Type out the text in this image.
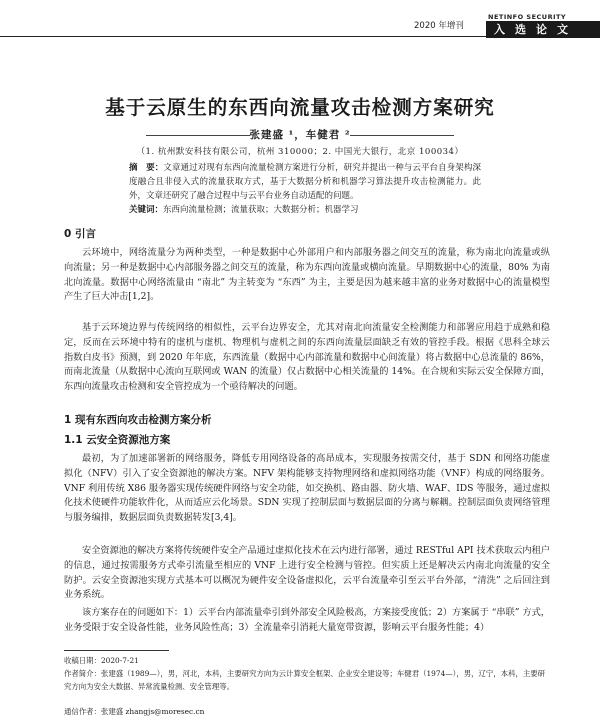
2020 年增刊
NETINFO SECURITY
入选论文
基于云原生的东西向流量攻击检测方案研究
张建盛 ¹，车健君 ²
（1. 杭州默安科技有限公司，杭州 310000；2. 中国光大银行，北京 100034）
摘　要：文章通过对现有东西向流量检测方案进行分析，研究并提出一种与云平台自身架构深度融合且非侵入式的流量获取方式，基于大数据分析和机器学习算法提升攻击检测能力。此外，文章还研究了融合过程中与云平台业务自动适配的问题。
关键词：东西向流量检测；流量获取；大数据分析；机器学习
0 引言
云环境中，网络流量分为两种类型，一种是数据中心外部用户和内部服务器之间交互的流量，称为南北向流量或纵向流量；另一种是数据中心内部服务器之间交互的流量，称为东西向流量或横向流量。早期数据中心的流量，80% 为南北向流量。数据中心网络流量由 “南北” 为主转变为 “东西” 为主，主要是因为越来越丰富的业务对数据中心的流量模型产生了巨大冲击[1,2]。
基于云环境边界与传统网络的相似性，云平台边界安全，尤其对南北向流量安全检测能力和部署应用趋于成熟和稳定，反而在云环境中特有的虚机与虚机、物理机与虚机之间的东西向流量层面缺乏有效的管控手段。根据《思科全球云指数白皮书》预测，到 2020 年年底，东西流量（数据中心内部流量和数据中心间流量）将占数据中心总流量的 86%，而南北流量（从数据中心流向互联网或 WAN 的流量）仅占数据中心相关流量的 14%。在合规和实际云安全保障方面，东西向流量攻击检测和安全管控成为一个亟待解决的问题。
1 现有东西向攻击检测方案分析
1.1 云安全资源池方案
最初，为了加速部署新的网络服务，降低专用网络设备的高昂成本，实现服务按需交付，基于 SDN 和网络功能虚拟化（NFV）引入了安全资源池的解决方案。NFV 架构能够支持物理网络和虚拟网络功能（VNF）构成的网络服务。VNF 利用传统 X86 服务器实现传统硬件网络与安全功能，如交换机、路由器、防火墙、WAF、IDS 等服务，通过虚拟化技术使硬件功能软件化，从而适应云化场景。SDN 实现了控制层面与数据层面的分离与解耦。控制层面负责网络管理与服务编排，数据层面负责数据转发[3,4]。
安全资源池的解决方案将传统硬件安全产品通过虚拟化技术在云内进行部署，通过 RESTful API 技术获取云内租户的信息，通过按需服务方式牵引流量至相应的 VNF 上进行安全检测与管控。但实质上还是解决云内南北向流量的安全防护。云安全资源池实现方式基本可以概况为硬件安全设备虚拟化，云平台流量牵引至云平台外部，“清洗” 之后回注到业务系统。
该方案存在的问题如下：1）云平台内部流量牵引到外部安全风险极高，方案接受度低；2）方案属于 “串联” 方式，业务受限于安全设备性能，业务风险性高；3）全流量牵引消耗大量宽带资源，影响云平台服务性能；4）
收稿日期：2020-7-21
作者简介：张建盛（1989—），男，河北，本科，主要研究方向为云计算安全框架、企业安全建设等；车健君（1974—），男，辽宁，本科，主要研究方向为安全大数据、异常流量检测、安全管理等。
通信作者：张建盛 zhangjs@moresec.cn
